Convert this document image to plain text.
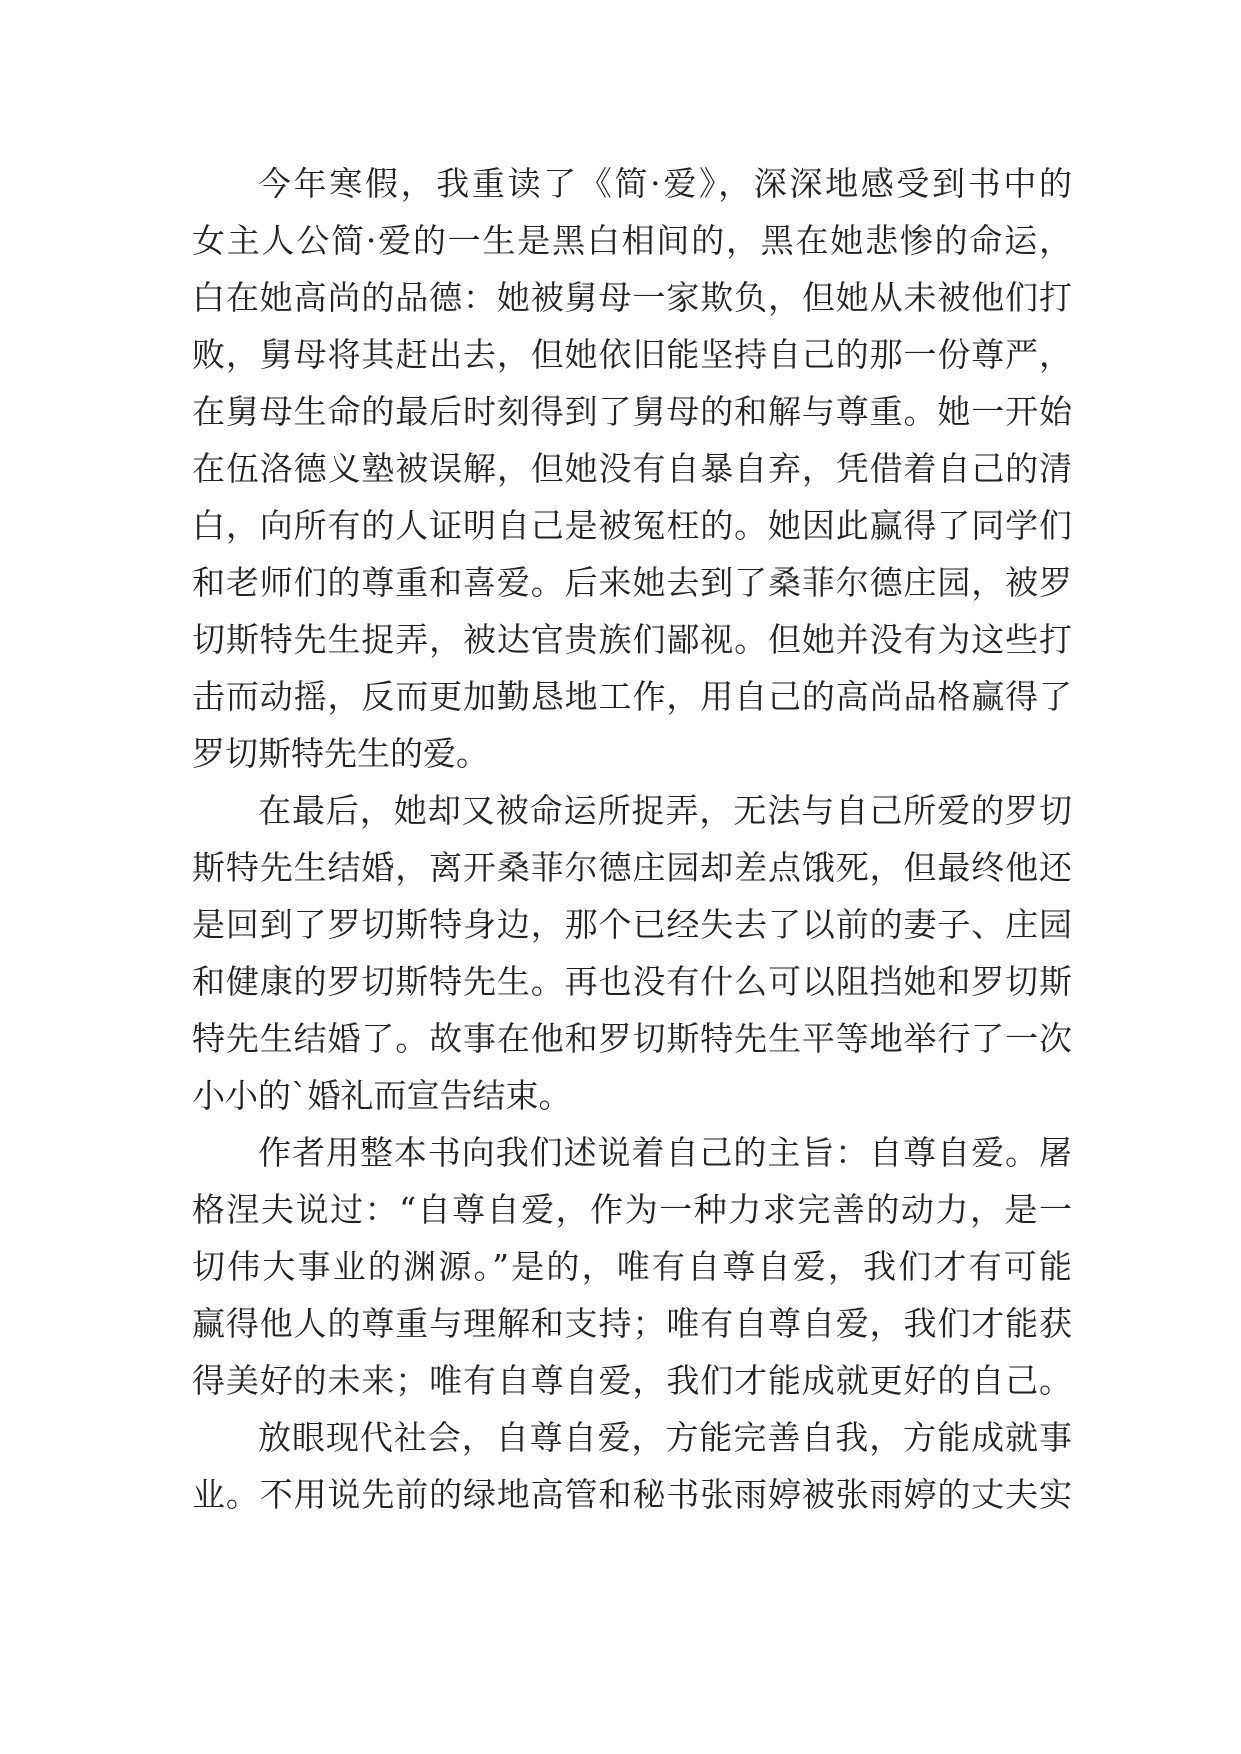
今年寒假，我重读了《简·爱》，深深地感受到书中的
女主人公简·爱的一生是黑白相间的，黑在她悲惨的命运，
白在她高尚的品德：她被舅母一家欺负，但她从未被他们打
败，舅母将其赶出去，但她依旧能坚持自己的那一份尊严，
在舅母生命的最后时刻得到了舅母的和解与尊重。她一开始
在伍洛德义塾被误解，但她没有自暴自弃，凭借着自己的清
白，向所有的人证明自己是被冤枉的。她因此赢得了同学们
和老师们的尊重和喜爱。后来她去到了桑菲尔德庄园，被罗
切斯特先生捉弄，被达官贵族们鄙视。但她并没有为这些打
击而动摇，反而更加勤恳地工作，用自己的高尚品格赢得了
罗切斯特先生的爱。
在最后，她却又被命运所捉弄，无法与自己所爱的罗切
斯特先生结婚，离开桑菲尔德庄园却差点饿死，但最终他还
是回到了罗切斯特身边，那个已经失去了以前的妻子、庄园
和健康的罗切斯特先生。再也没有什么可以阻挡她和罗切斯
特先生结婚了。故事在他和罗切斯特先生平等地举行了一次
小小的`婚礼而宣告结束。
作者用整本书向我们述说着自己的主旨：自尊自爱。屠
格涅夫说过：“自尊自爱，作为一种力求完善的动力，是一
切伟大事业的渊源。”是的，唯有自尊自爱，我们才有可能
赢得他人的尊重与理解和支持；唯有自尊自爱，我们才能获
得美好的未来；唯有自尊自爱，我们才能成就更好的自己。
放眼现代社会，自尊自爱，方能完善自我，方能成就事
业。不用说先前的绿地高管和秘书张雨婷被张雨婷的丈夫实
